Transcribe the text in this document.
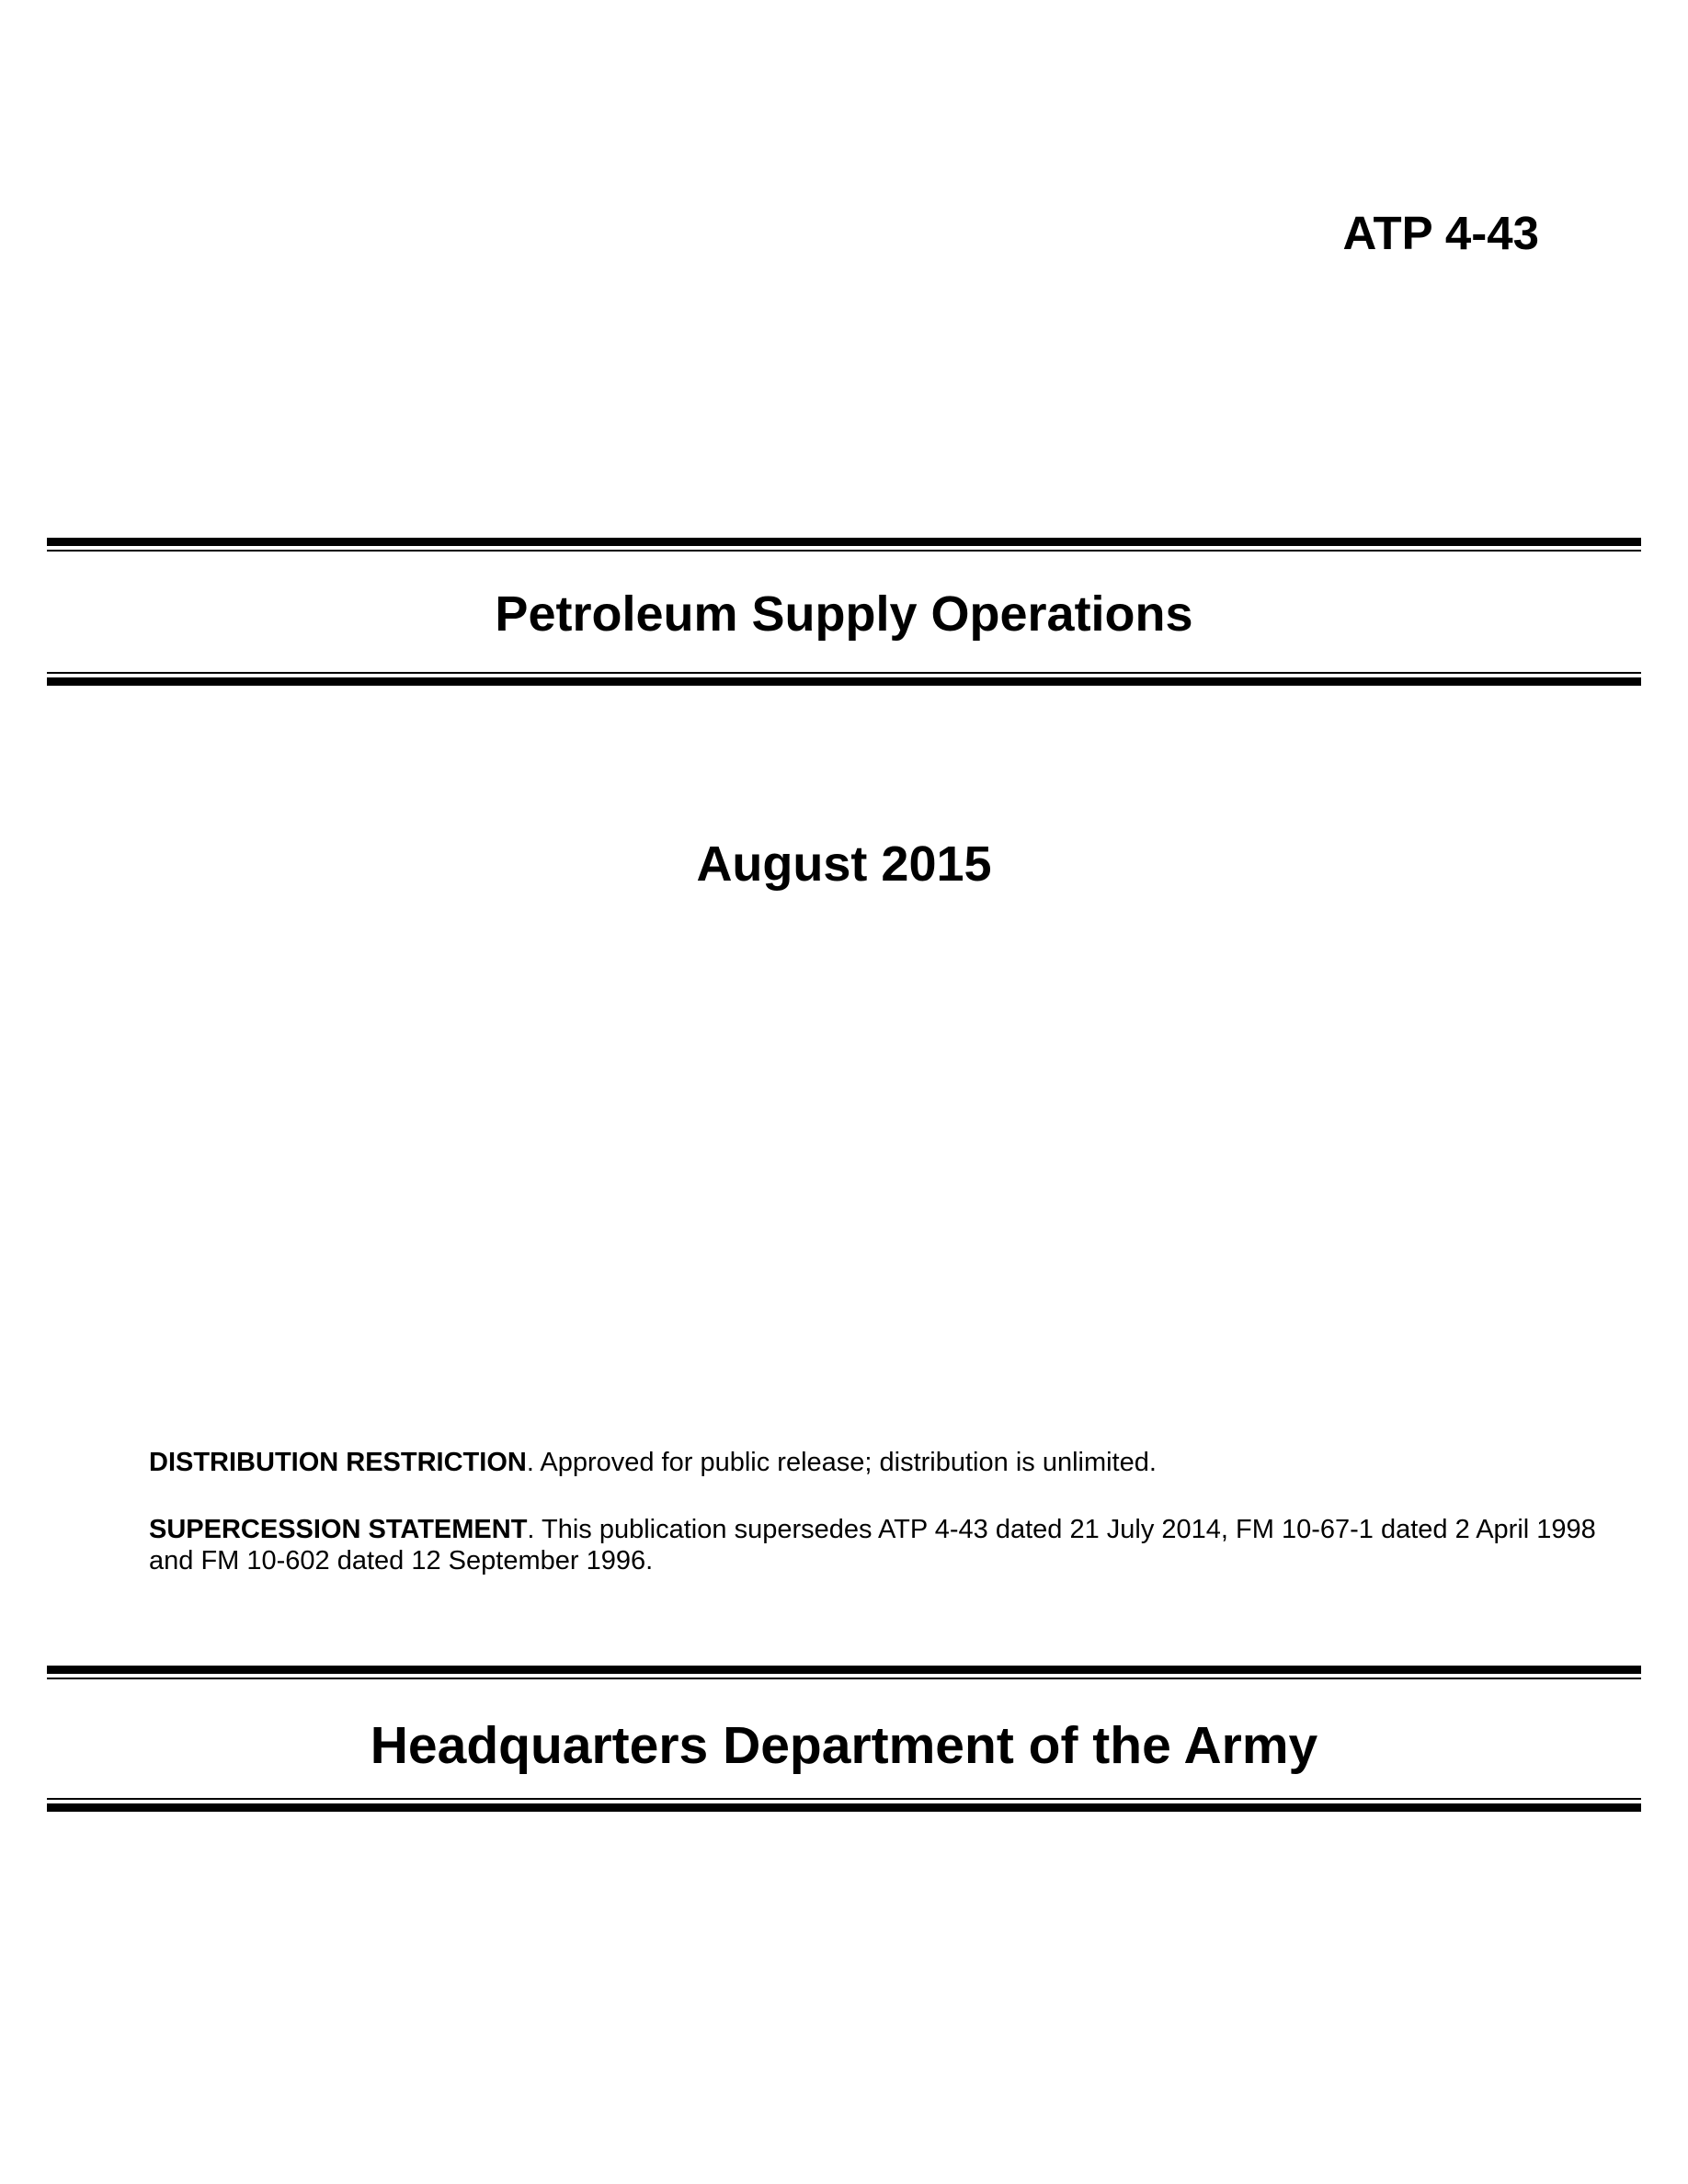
ATP 4-43
Petroleum Supply Operations
August 2015
DISTRIBUTION RESTRICTION. Approved for public release; distribution is unlimited.
SUPERCESSION STATEMENT. This publication supersedes ATP 4-43 dated 21 July 2014, FM 10-67-1 dated 2 April 1998 and FM 10-602 dated 12 September 1996.
Headquarters Department of the Army
